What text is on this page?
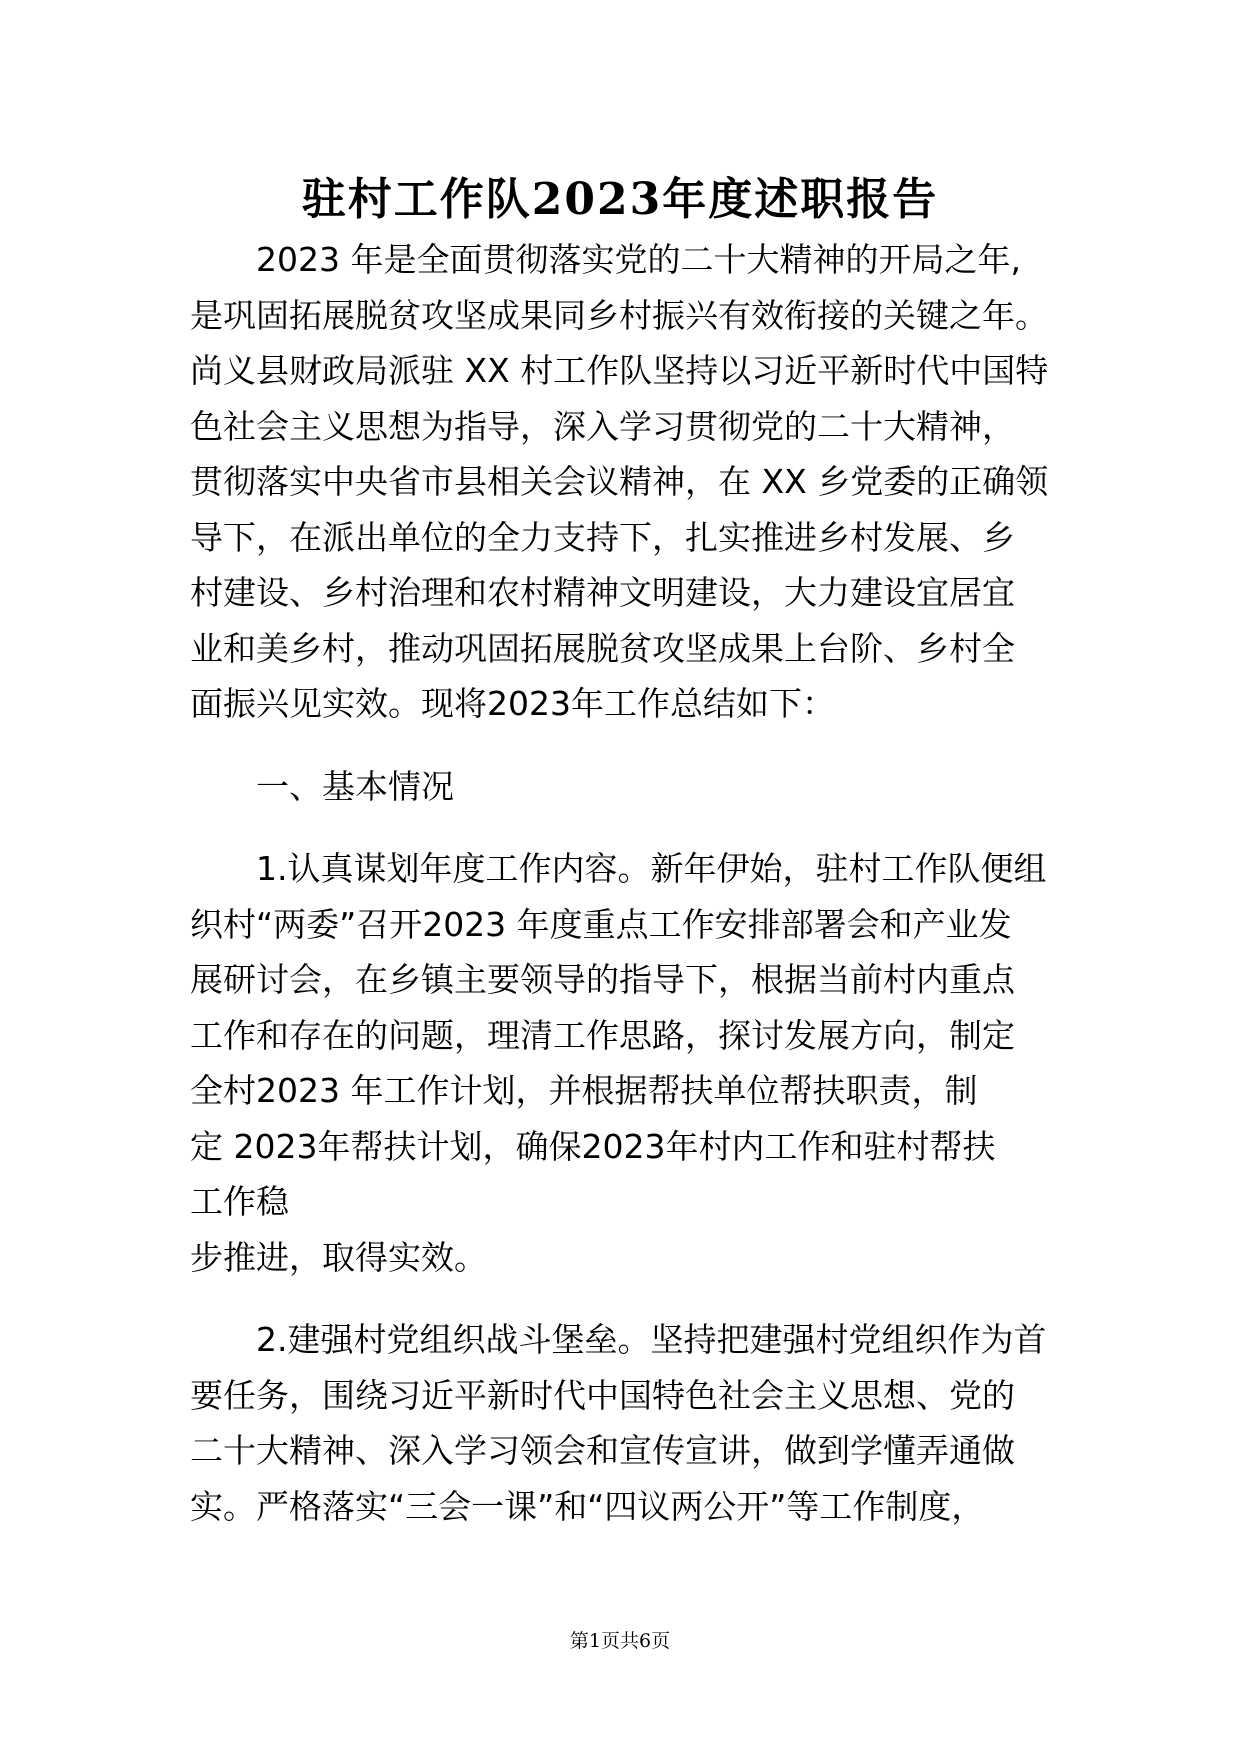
驻村工作队2023年度述职报告
2023 年是全面贯彻落实党的二十大精神的开局之年,
是巩固拓展脱贫攻坚成果同乡村振兴有效衔接的关键之年。
尚义县财政局派驻 XX 村工作队坚持以习近平新时代中国特
色社会主义思想为指导，深入学习贯彻党的二十大精神，
贯彻落实中央省市县相关会议精神，在 XX 乡党委的正确领
导下，在派出单位的全力支持下，扎实推进乡村发展、乡
村建设、乡村治理和农村精神文明建设，大力建设宜居宜
业和美乡村，推动巩固拓展脱贫攻坚成果上台阶、乡村全
面振兴见实效。现将2023年工作总结如下：
一、基本情况
1.认真谋划年度工作内容。新年伊始，驻村工作队便组
织村“两委”召开2023 年度重点工作安排部署会和产业发
展研讨会，在乡镇主要领导的指导下，根据当前村内重点
工作和存在的问题，理清工作思路，探讨发展方向，制定
全村2023 年工作计划，并根据帮扶单位帮扶职责，制
定 2023年帮扶计划，确保2023年村内工作和驻村帮扶
工作稳
步推进，取得实效。
2.建强村党组织战斗堡垒。坚持把建强村党组织作为首
要任务，围绕习近平新时代中国特色社会主义思想、党的
二十大精神、深入学习领会和宣传宣讲，做到学懂弄通做
实。严格落实“三会一课”和“四议两公开”等工作制度，
第1页共6页
